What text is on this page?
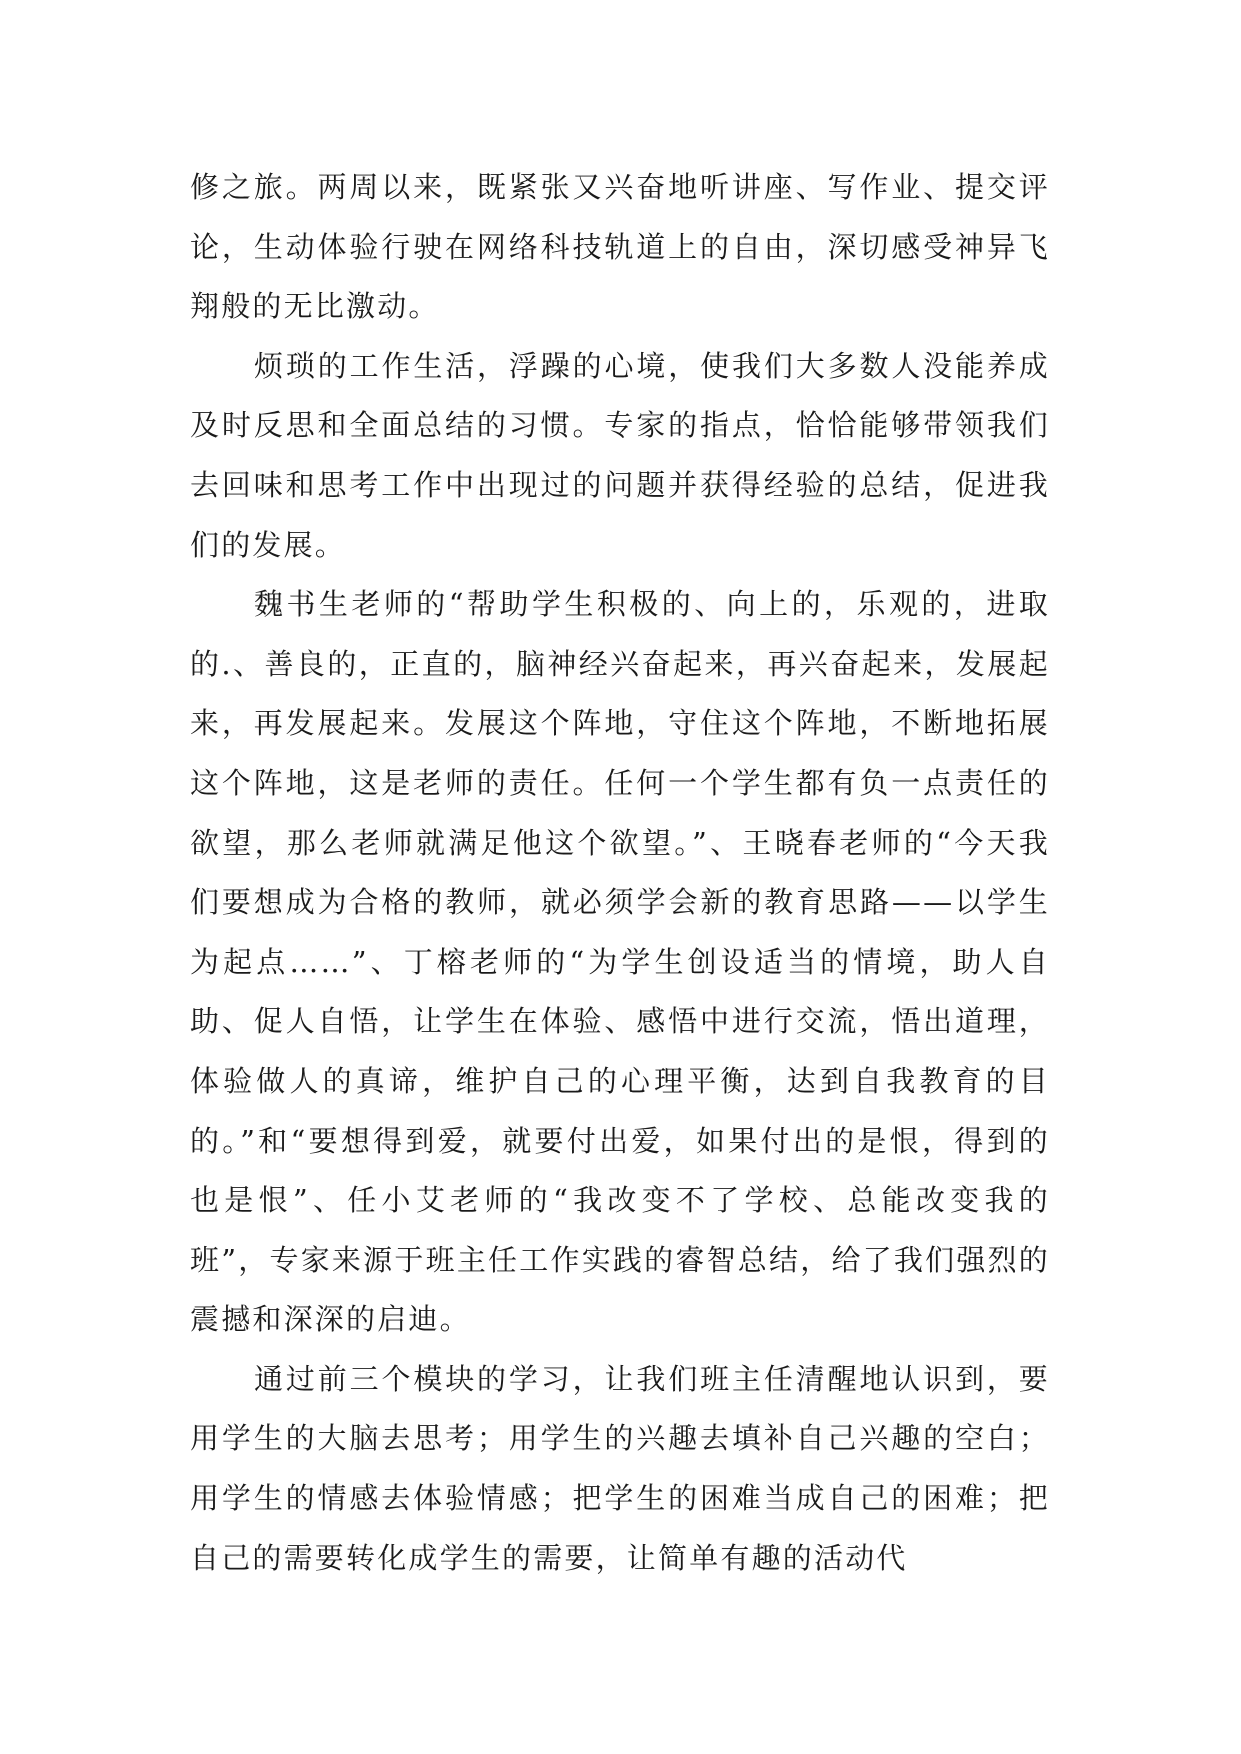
修之旅。两周以来，既紧张又兴奋地听讲座、写作业、提交评论，生动体验行驶在网络科技轨道上的自由，深切感受神异飞翔般的无比激动。

烦琐的工作生活，浮躁的心境，使我们大多数人没能养成及时反思和全面总结的习惯。专家的指点，恰恰能够带领我们去回味和思考工作中出现过的问题并获得经验的总结，促进我们的发展。

魏书生老师的“帮助学生积极的、向上的，乐观的，进取的.、善良的，正直的，脑神经兴奋起来，再兴奋起来，发展起来，再发展起来。发展这个阵地，守住这个阵地，不断地拓展这个阵地，这是老师的责任。任何一个学生都有负一点责任的欲望，那么老师就满足他这个欲望。”、王晓春老师的“今天我们要想成为合格的教师，就必须学会新的教育思路——以学生为起点……”、丁榕老师的“为学生创设适当的情境，助人自助、促人自悟，让学生在体验、感悟中进行交流，悟出道理，体验做人的真谛，维护自己的心理平衡，达到自我教育的目的。”和“要想得到爱，就要付出爱，如果付出的是恨，得到的也是恨”、任小艾老师的“我改变不了学校、总能改变我的班”，专家来源于班主任工作实践的睿智总结，给了我们强烈的震撼和深深的启迪。

通过前三个模块的学习，让我们班主任清醒地认识到，要用学生的大脑去思考；用学生的兴趣去填补自己兴趣的空白；用学生的情感去体验情感；把学生的困难当成自己的困难；把自己的需要转化成学生的需要，让简单有趣的活动代
